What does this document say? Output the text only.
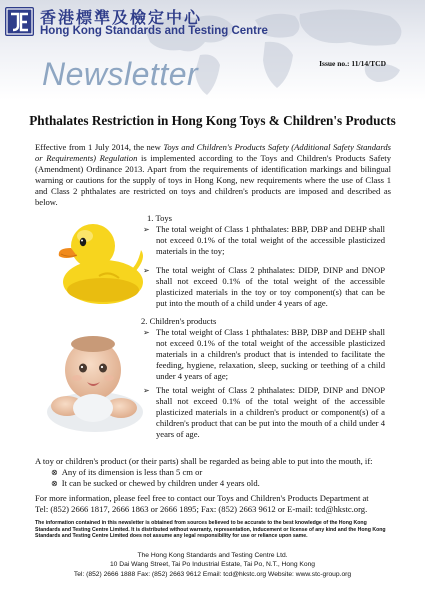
香港標準及檢定中心
Hong Kong Standards and Testing Centre
Issue no.: 11/14/TCD
Newsletter
Phthalates Restriction in Hong Kong Toys & Children's Products

Effective from 1 July 2014, the new Toys and Children's Products Safety (Additional Safety Standards or Requirements) Regulation is implemented according to the Toys and Children's Products Safety (Amendment) Ordinance 2013. Apart from the requirements of identification markings and bilingual warning or cautions for the supply of toys in Hong Kong, new requirements where the use of Class 1 and Class 2 phthalates are restricted on toys and children's products are imposed and described as below.

1. Toys
➢ The total weight of Class 1 phthalates: BBP, DBP and DEHP shall not exceed 0.1% of the total weight of the accessible plasticized materials in the toy;
➢ The total weight of Class 2 phthalates: DIDP, DINP and DNOP shall not exceed 0.1% of the total weight of the accessible plasticized materials in the toy or toy component(s) that can be put into the mouth of a child under 4 years of age.
2. Children's products
➢ The total weight of Class 1 phthalates: BBP, DBP and DEHP shall not exceed 0.1% of the total weight of the accessible plasticized materials in a children's product that is intended to facilitate the feeding, hygiene, relaxation, sleep, sucking or teething of a child under 4 years of age;
➢ The total weight of Class 2 phthalates: DIDP, DINP and DNOP shall not exceed 0.1% of the total weight of the accessible plasticized materials in a children's product or component(s) of a children's product that can be put into the mouth of a child under 4 years of age.
A toy or children's product (or their parts) shall be regarded as being able to put into the mouth, if:
⊗ Any of its dimension is less than 5 cm or
⊗ It can be sucked or chewed by children under 4 years old.
For more information, please feel free to contact our Toys and Children's Products Department at
Tel: (852) 2666 1817, 2666 1863 or 2666 1895; Fax: (852) 2663 9612 or E-mail: tcd@hkstc.org.
The information contained in this newsletter is obtained from sources believed to be accurate to the best knowledge of the Hong Kong Standards and Testing Centre Limited. It is distributed without warranty, representation, inducement or license of any kind and the Hong Kong Standards and Testing Centre Limited does not assume any legal responsibility for use or reliance upon same.
The Hong Kong Standards and Testing Centre Ltd.
10 Dai Wang Street, Tai Po Industrial Estate, Tai Po, N.T., Hong Kong
Tel: (852) 2666 1888 Fax: (852) 2663 9612 Email: tcd@hkstc.org Website: www.stc-group.org
